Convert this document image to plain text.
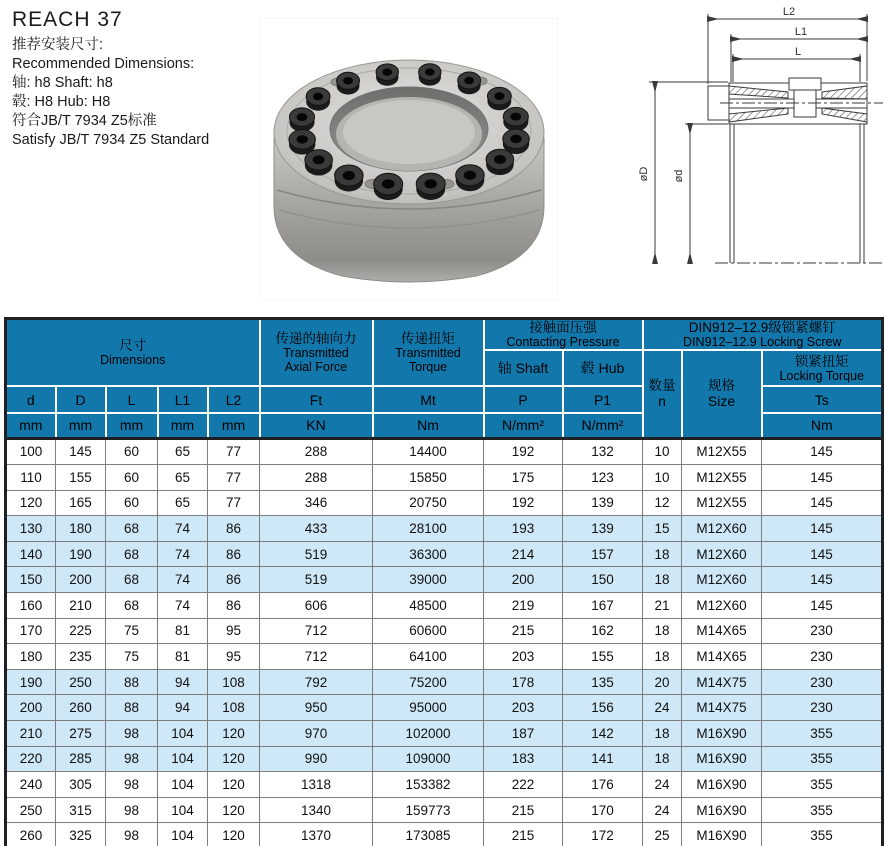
REACH 37
推荐安装尺寸:
Recommended Dimensions:
轴: h8 Shaft: h8
毂: H8 Hub: H8
符合JB/T 7934 Z5标准
Satisfy JB/T 7934 Z5 Standard
L2
L1
L
øD ød
尺寸
Dimensions					传递的轴向力
Transmitted
Axial Force	传递扭矩
Transmitted
Torque	接触面压强
Contacting Pressure		DIN912–12.9级锁紧螺钉
DIN912–12.9 Locking Screw		

							轴 Shaft	毂 Hub	数量
n	规格
Size	锁紧扭矩
Locking Torque

d	D	L	L1	L2	Ft	Mt	P	P1			Ts

mm	mm	mm	mm	mm	KN	Nm	N/mm²	N/mm²			Nm

100	145	60	65	77	288	14400	192	132	10	M12X55	145
110	155	60	65	77	288	15850	175	123	10	M12X55	145
120	165	60	65	77	346	20750	192	139	12	M12X55	145
130	180	68	74	86	433	28100	193	139	15	M12X60	145
140	190	68	74	86	519	36300	214	157	18	M12X60	145
150	200	68	74	86	519	39000	200	150	18	M12X60	145
160	210	68	74	86	606	48500	219	167	21	M12X60	145
170	225	75	81	95	712	60600	215	162	18	M14X65	230
180	235	75	81	95	712	64100	203	155	18	M14X65	230
190	250	88	94	108	792	75200	178	135	20	M14X75	230
200	260	88	94	108	950	95000	203	156	24	M14X75	230
210	275	98	104	120	970	102000	187	142	18	M16X90	355
220	285	98	104	120	990	109000	183	141	18	M16X90	355
240	305	98	104	120	1318	153382	222	176	24	M16X90	355
250	315	98	104	120	1340	159773	215	170	24	M16X90	355
260	325	98	104	120	1370	173085	215	172	25	M16X90	355
